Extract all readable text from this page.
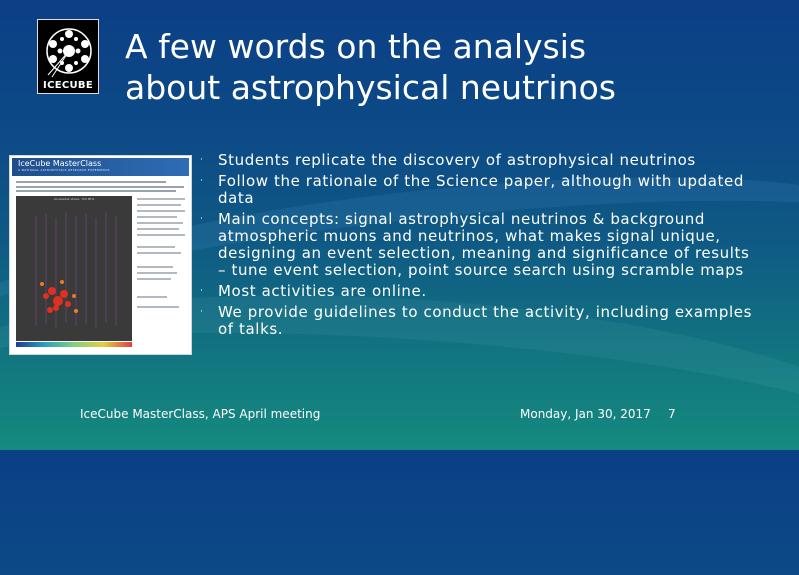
ICECUBE
A few words on the analysis
about astrophysical neutrinos
IceCube MasterClass
A NATIONAL ASTROPHYSICS RESEARCH EXPERIENCE
Accessible Views: 704 MHz
· Students replicate the discovery of astrophysical neutrinos
· Follow the rationale of the Science paper, although with updated data
· Main concepts: signal astrophysical neutrinos & background atmospheric muons and neutrinos, what makes signal unique, designing an event selection, meaning and significance of results – tune event selection, point source search using scramble maps
· Most activities are online.
· We provide guidelines to conduct the activity, including examples of talks.
IceCube MasterClass, APS April meeting	Monday, Jan 30, 2017 7
